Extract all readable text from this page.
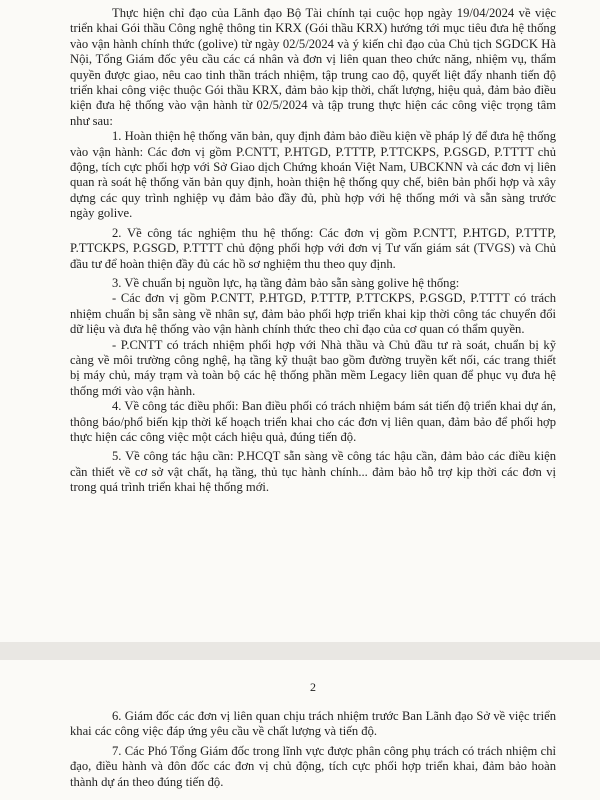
Thực hiện chỉ đạo của Lãnh đạo Bộ Tài chính tại cuộc họp ngày 19/04/2024 về việc triển khai Gói thầu Công nghệ thông tin KRX (Gói thầu KRX) hướng tới mục tiêu đưa hệ thống vào vận hành chính thức (golive) từ ngày 02/5/2024 và ý kiến chỉ đạo của Chủ tịch SGDCK Hà Nội, Tổng Giám đốc yêu cầu các cá nhân và đơn vị liên quan theo chức năng, nhiệm vụ, thẩm quyền được giao, nêu cao tinh thần trách nhiệm, tập trung cao độ, quyết liệt đẩy nhanh tiến độ triển khai công việc thuộc Gói thầu KRX, đảm bảo kịp thời, chất lượng, hiệu quả, đảm bảo điều kiện đưa hệ thống vào vận hành từ 02/5/2024 và tập trung thực hiện các công việc trọng tâm như sau:

1. Hoàn thiện hệ thống văn bản, quy định đảm bảo điều kiện về pháp lý để đưa hệ thống vào vận hành: Các đơn vị gồm P.CNTT, P.HTGD, P.TTTP, P.TTCKPS, P.GSGD, P.TTTT chủ động, tích cực phối hợp với Sở Giao dịch Chứng khoán Việt Nam, UBCKNN và các đơn vị liên quan rà soát hệ thống văn bản quy định, hoàn thiện hệ thống quy chế, biên bản phối hợp và xây dựng các quy trình nghiệp vụ đảm bảo đầy đủ, phù hợp với hệ thống mới và sẵn sàng trước ngày golive.

2. Về công tác nghiệm thu hệ thống: Các đơn vị gồm P.CNTT, P.HTGD, P.TTTP, P.TTCKPS, P.GSGD, P.TTTT chủ động phối hợp với đơn vị Tư vấn giám sát (TVGS) và Chủ đầu tư để hoàn thiện đầy đủ các hồ sơ nghiệm thu theo quy định.

3. Về chuẩn bị nguồn lực, hạ tầng đảm bảo sẵn sàng golive hệ thống:

- Các đơn vị gồm P.CNTT, P.HTGD, P.TTTP, P.TTCKPS, P.GSGD, P.TTTT có trách nhiệm chuẩn bị sẵn sàng về nhân sự, đảm bảo phối hợp triển khai kịp thời công tác chuyển đổi dữ liệu và đưa hệ thống vào vận hành chính thức theo chỉ đạo của cơ quan có thẩm quyền.

- P.CNTT có trách nhiệm phối hợp với Nhà thầu và Chủ đầu tư rà soát, chuẩn bị kỹ càng về môi trường công nghệ, hạ tầng kỹ thuật bao gồm đường truyền kết nối, các trang thiết bị máy chủ, máy trạm và toàn bộ các hệ thống phần mềm Legacy liên quan để phục vụ đưa hệ thống mới vào vận hành.

4. Về công tác điều phối: Ban điều phối có trách nhiệm bám sát tiến độ triển khai dự án, thông báo/phổ biến kịp thời kế hoạch triển khai cho các đơn vị liên quan, đảm bảo để phối hợp thực hiện các công việc một cách hiệu quả, đúng tiến độ.

5. Về công tác hậu cần: P.HCQT sẵn sàng về công tác hậu cần, đảm bảo các điều kiện cần thiết về cơ sở vật chất, hạ tầng, thủ tục hành chính... đảm bảo hỗ trợ kịp thời các đơn vị trong quá trình triển khai hệ thống mới.

2

6. Giám đốc các đơn vị liên quan chịu trách nhiệm trước Ban Lãnh đạo Sở về việc triển khai các công việc đáp ứng yêu cầu về chất lượng và tiến độ.

7. Các Phó Tổng Giám đốc trong lĩnh vực được phân công phụ trách có trách nhiệm chỉ đạo, điều hành và đôn đốc các đơn vị chủ động, tích cực phối hợp triển khai, đảm bảo hoàn thành dự án theo đúng tiến độ.
